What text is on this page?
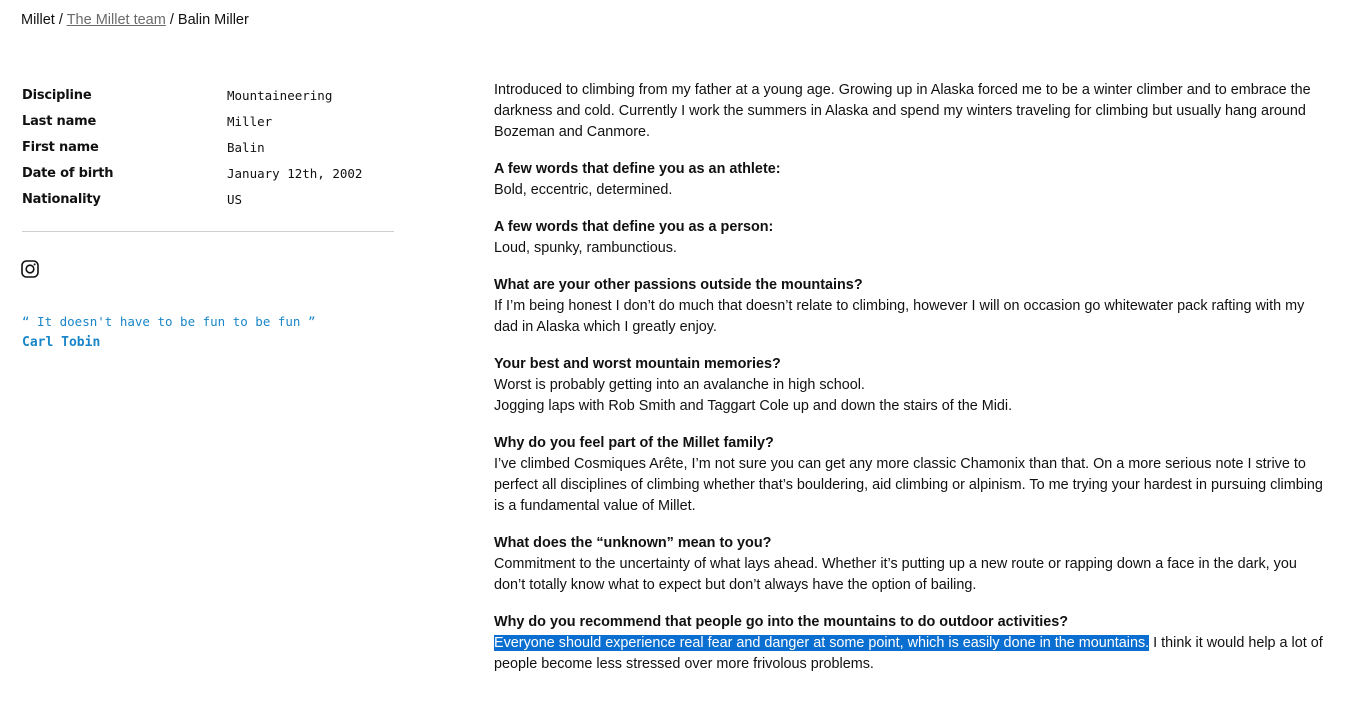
Millet / The Millet team / Balin Miller
Discipline	Mountaineering
Last name	Miller
First name	Balin
Date of birth	January 12th, 2002
Nationality	US
“ It doesn't have to be fun to be fun ”
Carl Tobin

Introduced to climbing from my father at a young age. Growing up in Alaska forced me to be a winter climber and to embrace the darkness and cold. Currently I work the summers in Alaska and spend my winters traveling for climbing but usually hang around Bozeman and Canmore.

A few words that define you as an athlete:
Bold, eccentric, determined.
A few words that define you as a person:
Loud, spunky, rambunctious.
What are your other passions outside the mountains?
If I’m being honest I don’t do much that doesn’t relate to climbing, however I will on occasion go whitewater pack rafting with my dad in Alaska which I greatly enjoy.
Your best and worst mountain memories?
Worst is probably getting into an avalanche in high school.
Jogging laps with Rob Smith and Taggart Cole up and down the stairs of the Midi.
Why do you feel part of the Millet family?
I’ve climbed Cosmiques Arête, I’m not sure you can get any more classic Chamonix than that. On a more serious note I strive to perfect all disciplines of climbing whether that’s bouldering, aid climbing or alpinism. To me trying your hardest in pursuing climbing is a fundamental value of Millet.
What does the “unknown” mean to you?
Commitment to the uncertainty of what lays ahead. Whether it’s putting up a new route or rapping down a face in the dark, you don’t totally know what to expect but don’t always have the option of bailing.
Why do you recommend that people go into the mountains to do outdoor activities?
Everyone should experience real fear and danger at some point, which is easily done in the mountains. I think it would help a lot of people become less stressed over more frivolous problems.
